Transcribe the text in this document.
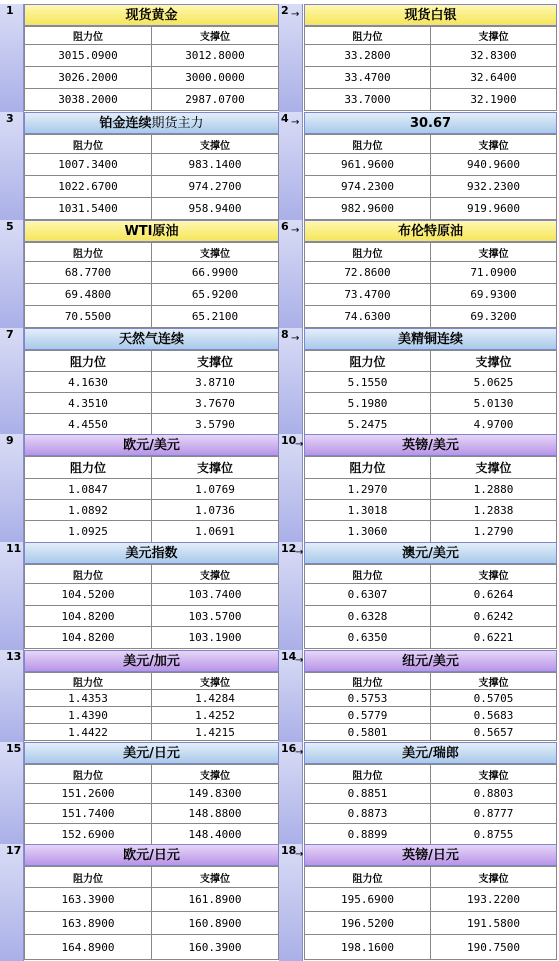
1	现货黄金
阻力位	支撑位
3015.0900	3012.8000
3026.2000	3000.0000
3038.2000	2987.0700
2 →	现货白银
阻力位	支撑位
33.2800	32.8300
33.4700	32.6400
33.7000	32.1900
3	铂金连续期货主力
阻力位	支撑位
1007.3400	983.1400
1022.6700	974.2700
1031.5400	958.9400
4 →	30.67
阻力位	支撑位
961.9600	940.9600
974.2300	932.2300
982.9600	919.9600
5	WTI原油
阻力位	支撑位
68.7700	66.9900
69.4800	65.9200
70.5500	65.2100
6 →	布伦特原油
阻力位	支撑位
72.8600	71.0900
73.4700	69.9300
74.6300	69.3200
7	天然气连续
阻力位	支撑位
4.1630	3.8710
4.3510	3.7670
4.4550	3.5790
8 →	美精铜连续
阻力位	支撑位
5.1550	5.0625
5.1980	5.0130
5.2475	4.9700
9	欧元/美元
阻力位	支撑位
1.0847	1.0769
1.0892	1.0736
1.0925	1.0691
10
→	英镑/美元
阻力位	支撑位
1.2970	1.2880
1.3018	1.2838
1.3060	1.2790
11	美元指数
阻力位	支撑位
104.5200	103.7400
104.8200	103.5700
104.8200	103.1900
12
→	澳元/美元
阻力位	支撑位
0.6307	0.6264
0.6328	0.6242
0.6350	0.6221
13	美元/加元
阻力位	支撑位
1.4353	1.4284
1.4390	1.4252
1.4422	1.4215
14
→	纽元/美元
阻力位	支撑位
0.5753	0.5705
0.5779	0.5683
0.5801	0.5657
15	美元/日元
阻力位	支撑位
151.2600	149.8300
151.7400	148.8800
152.6900	148.4000
16
→	美元/瑞郎
阻力位	支撑位
0.8851	0.8803
0.8873	0.8777
0.8899	0.8755
17	欧元/日元
阻力位	支撑位
163.3900	161.8900
163.8900	160.8900
164.8900	160.3900
18
→	英镑/日元
阻力位	支撑位
195.6900	193.2200
196.5200	191.5800
198.1600	190.7500
